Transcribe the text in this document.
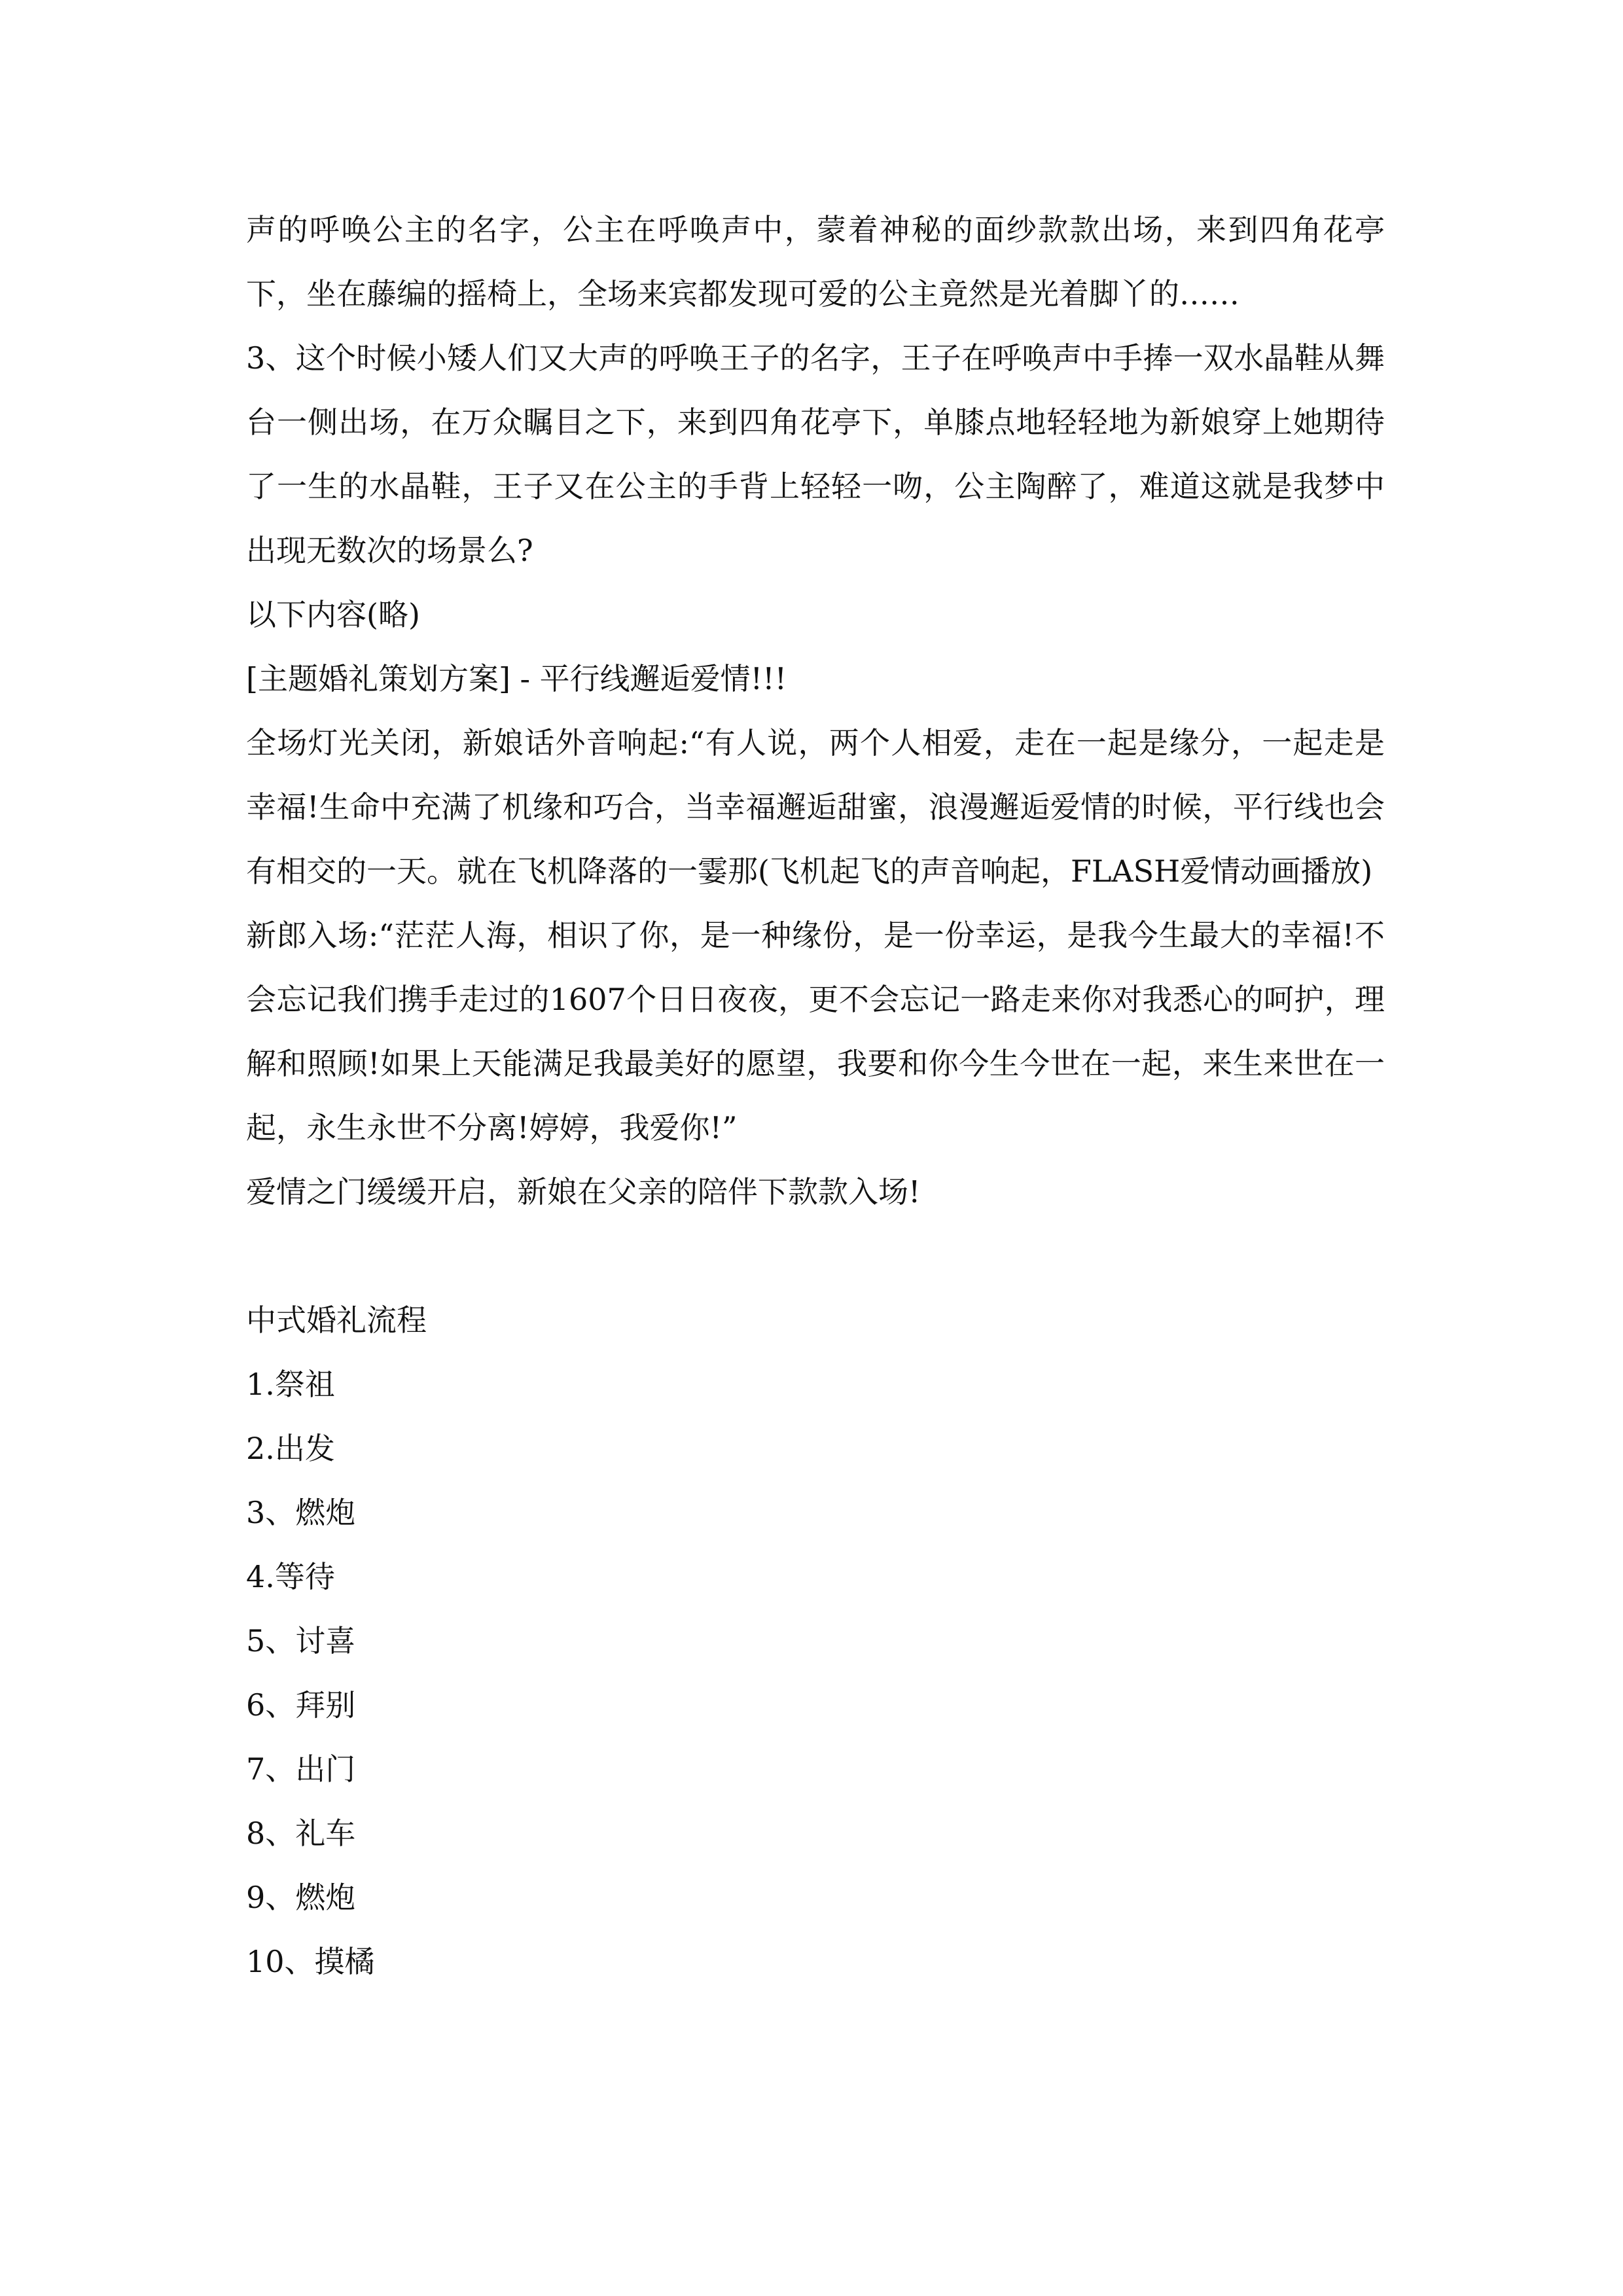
声的呼唤公主的名字，公主在呼唤声中，蒙着神秘的面纱款款出场，来到四角花亭下，坐在藤编的摇椅上，全场来宾都发现可爱的公主竟然是光着脚丫的……
3、这个时候小矮人们又大声的呼唤王子的名字，王子在呼唤声中手捧一双水晶鞋从舞台一侧出场，在万众瞩目之下，来到四角花亭下，单膝点地轻轻地为新娘穿上她期待了一生的水晶鞋，王子又在公主的手背上轻轻一吻，公主陶醉了，难道这就是我梦中出现无数次的场景么?
以下内容(略)
[主题婚礼策划方案] - 平行线邂逅爱情!!!
全场灯光关闭，新娘话外音响起:“有人说，两个人相爱，走在一起是缘分，一起走是幸福!生命中充满了机缘和巧合，当幸福邂逅甜蜜，浪漫邂逅爱情的时候，平行线也会有相交的一天。就在飞机降落的一霎那(飞机起飞的声音响起，FLASH爱情动画播放)
新郎入场:“茫茫人海，相识了你，是一种缘份，是一份幸运，是我今生最大的幸福!不会忘记我们携手走过的1607个日日夜夜，更不会忘记一路走来你对我悉心的呵护，理解和照顾!如果上天能满足我最美好的愿望，我要和你今生今世在一起，来生来世在一起，永生永世不分离!婷婷，我爱你!”
爱情之门缓缓开启，新娘在父亲的陪伴下款款入场!
中式婚礼流程
1.祭祖
2.出发
3、燃炮
4.等待
5、讨喜
6、拜别
7、出门
8、礼车
9、燃炮
10、摸橘
